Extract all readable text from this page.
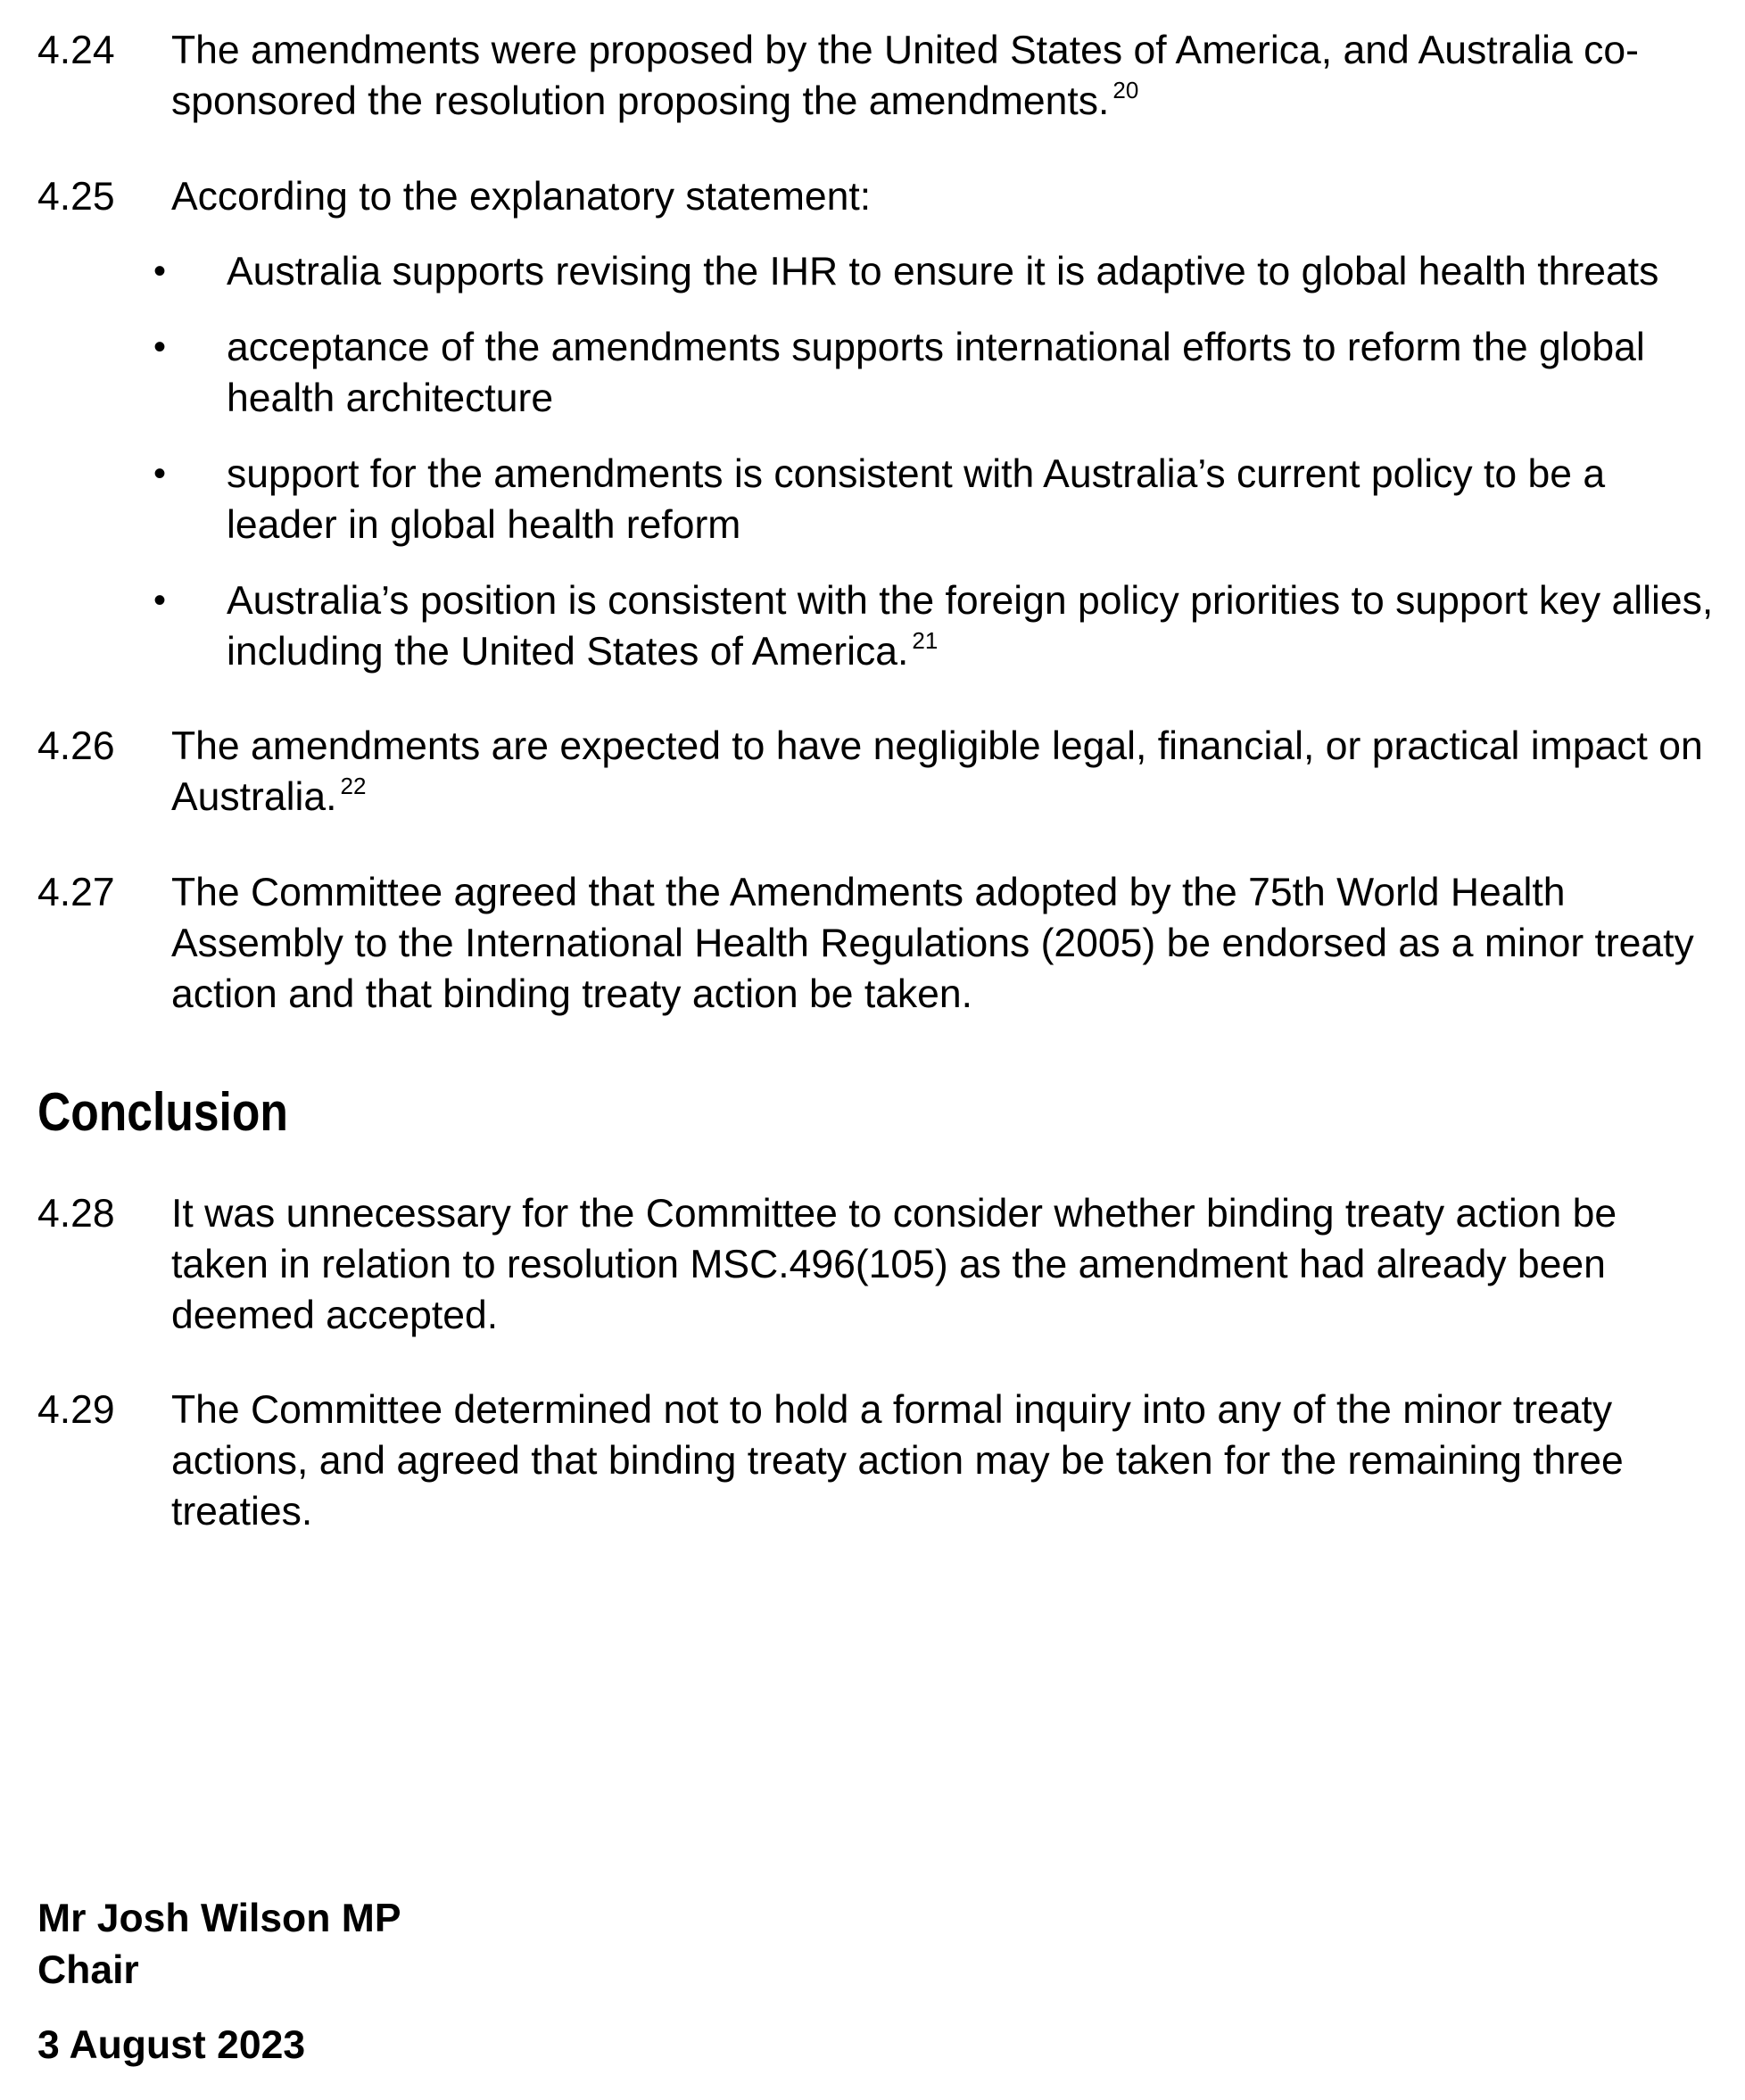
4.24	The amendments were proposed by the United States of America, and Australia co-sponsored the resolution proposing the amendments. $^{20}$
4.25	According to the explanatory statement:
• Australia supports revising the IHR to ensure it is adaptive to global health threats
• acceptance of the amendments supports international efforts to reform the global health architecture
• support for the amendments is consistent with Australia’s current policy to be a leader in global health reform
• Australia’s position is consistent with the foreign policy priorities to support key allies, including the United States of America. $^{21}$
4.26	The amendments are expected to have negligible legal, financial, or practical impact on Australia. $^{22}$
4.27	The Committee agreed that the Amendments adopted by the 75th World Health Assembly to the International Health Regulations (2005) be endorsed as a minor treaty action and that binding treaty action be taken.
Conclusion
4.28	It was unnecessary for the Committee to consider whether binding treaty action be taken in relation to resolution MSC.496(105) as the amendment had already been deemed accepted.
4.29	The Committee determined not to hold a formal inquiry into any of the minor treaty actions, and agreed that binding treaty action may be taken for the remaining three treaties.
Mr Josh Wilson MP
Chair
3 August 2023
